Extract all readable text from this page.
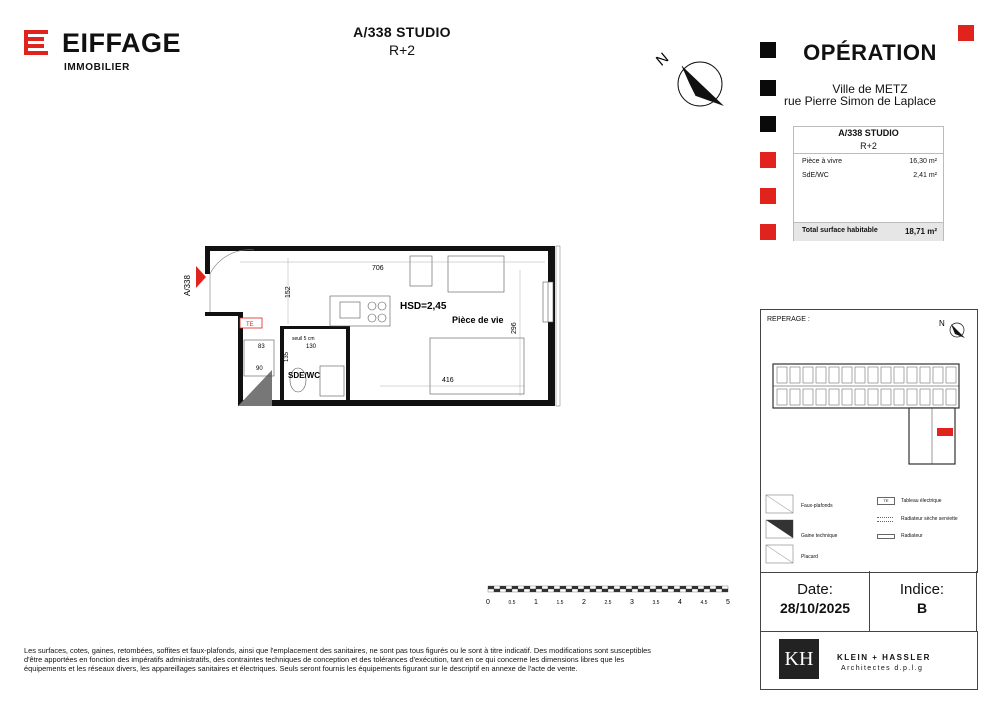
EIFFAGE
IMMOBILIER
A/338 STUDIO
R+2	N	OPÉRATION
Ville de METZ
rue Pierre Simon de Laplace
A/338 STUDIO
R+2
Pièce à vivre	16,30 m²
SdE/WC	2,41 m²
Total surface habitable	18,71 m²
A/338
706
152
296
416
HSD=2,45
Pièce de vie
SDE/WC
seuil 5 cm
83	130
135
90
TE
0	0.5	1	1.5	2	2.5	3	3.5	4	4.5	5
REPERAGE :	N
Faux-plafonds
Gaine technique
Placard
TE	Tableau électrique
Radiateur sèche serviette
Radiateur
Date:
28/10/2025
Indice:
B
KH	KLEIN + HASSLER
Architectes d.p.l.g
Les surfaces, cotes, gaines, retombées, soffites et faux-plafonds, ainsi que l'emplacement des sanitaires, ne sont pas tous figurés ou le sont à titre indicatif. Des modifications sont susceptibles d'être apportées en fonction des impératifs administratifs, des contraintes techniques de conception et des tolérances d'exécution, tant en ce qui concerne les dimensions libres que les équipements et les réseaux divers, les appareillages sanitaires et électriques. Seuls seront fournis les équipements figurant sur le descriptif en annexe de l'acte de vente.
